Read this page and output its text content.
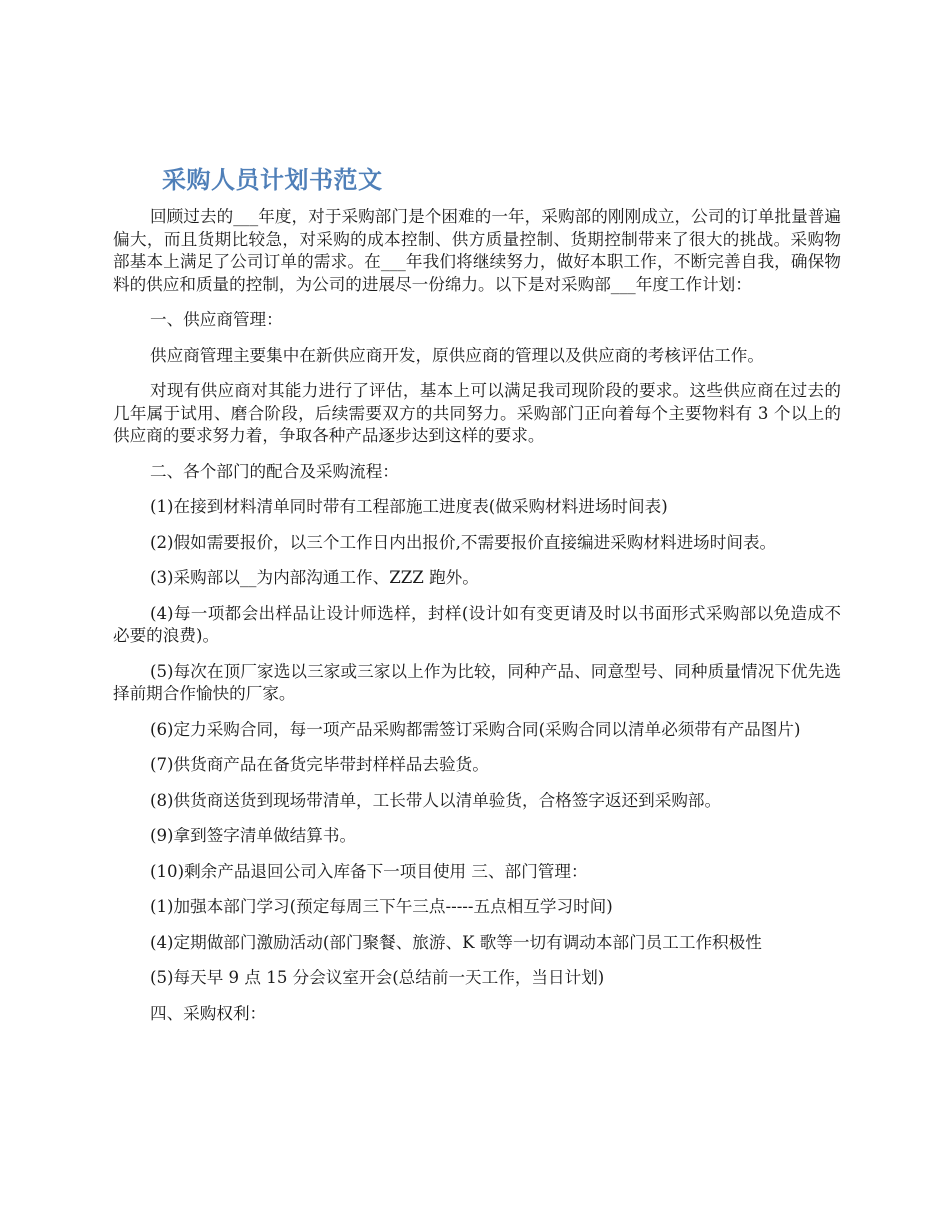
采购人员计划书范文

回顾过去的___年度，对于采购部门是个困难的一年，采购部的刚刚成立，公司的订单批量普遍偏大，而且货期比较急，对采购的成本控制、供方质量控制、货期控制带来了很大的挑战。采购物部基本上满足了公司订单的需求。在___年我们将继续努力，做好本职工作，不断完善自我，确保物料的供应和质量的控制，为公司的进展尽一份绵力。以下是对采购部___年度工作计划：

一、供应商管理：

供应商管理主要集中在新供应商开发，原供应商的管理以及供应商的考核评估工作。

对现有供应商对其能力进行了评估，基本上可以满足我司现阶段的要求。这些供应商在过去的几年属于试用、磨合阶段，后续需要双方的共同努力。采购部门正向着每个主要物料有 3 个以上的供应商的要求努力着，争取各种产品逐步达到这样的要求。

二、各个部门的配合及采购流程：

(1)在接到材料清单同时带有工程部施工进度表(做采购材料进场时间表)

(2)假如需要报价，以三个工作日内出报价,不需要报价直接编进采购材料进场时间表。

(3)采购部以__为内部沟通工作、ZZZ 跑外。

(4)每一项都会出样品让设计师选样，封样(设计如有变更请及时以书面形式采购部以免造成不必要的浪费)。

(5)每次在顶厂家选以三家或三家以上作为比较，同种产品、同意型号、同种质量情况下优先选择前期合作愉快的厂家。

(6)定力采购合同，每一项产品采购都需签订采购合同(采购合同以清单必须带有产品图片)

(7)供货商产品在备货完毕带封样样品去验货。

(8)供货商送货到现场带清单，工长带人以清单验货，合格签字返还到采购部。

(9)拿到签字清单做结算书。

(10)剩余产品退回公司入库备下一项目使用 三、部门管理：

(1)加强本部门学习(预定每周三下午三点-----五点相互学习时间)

(4)定期做部门激励活动(部门聚餐、旅游、K 歌等一切有调动本部门员工工作积极性

(5)每天早 9 点 15 分会议室开会(总结前一天工作，当日计划)

四、采购权利：
